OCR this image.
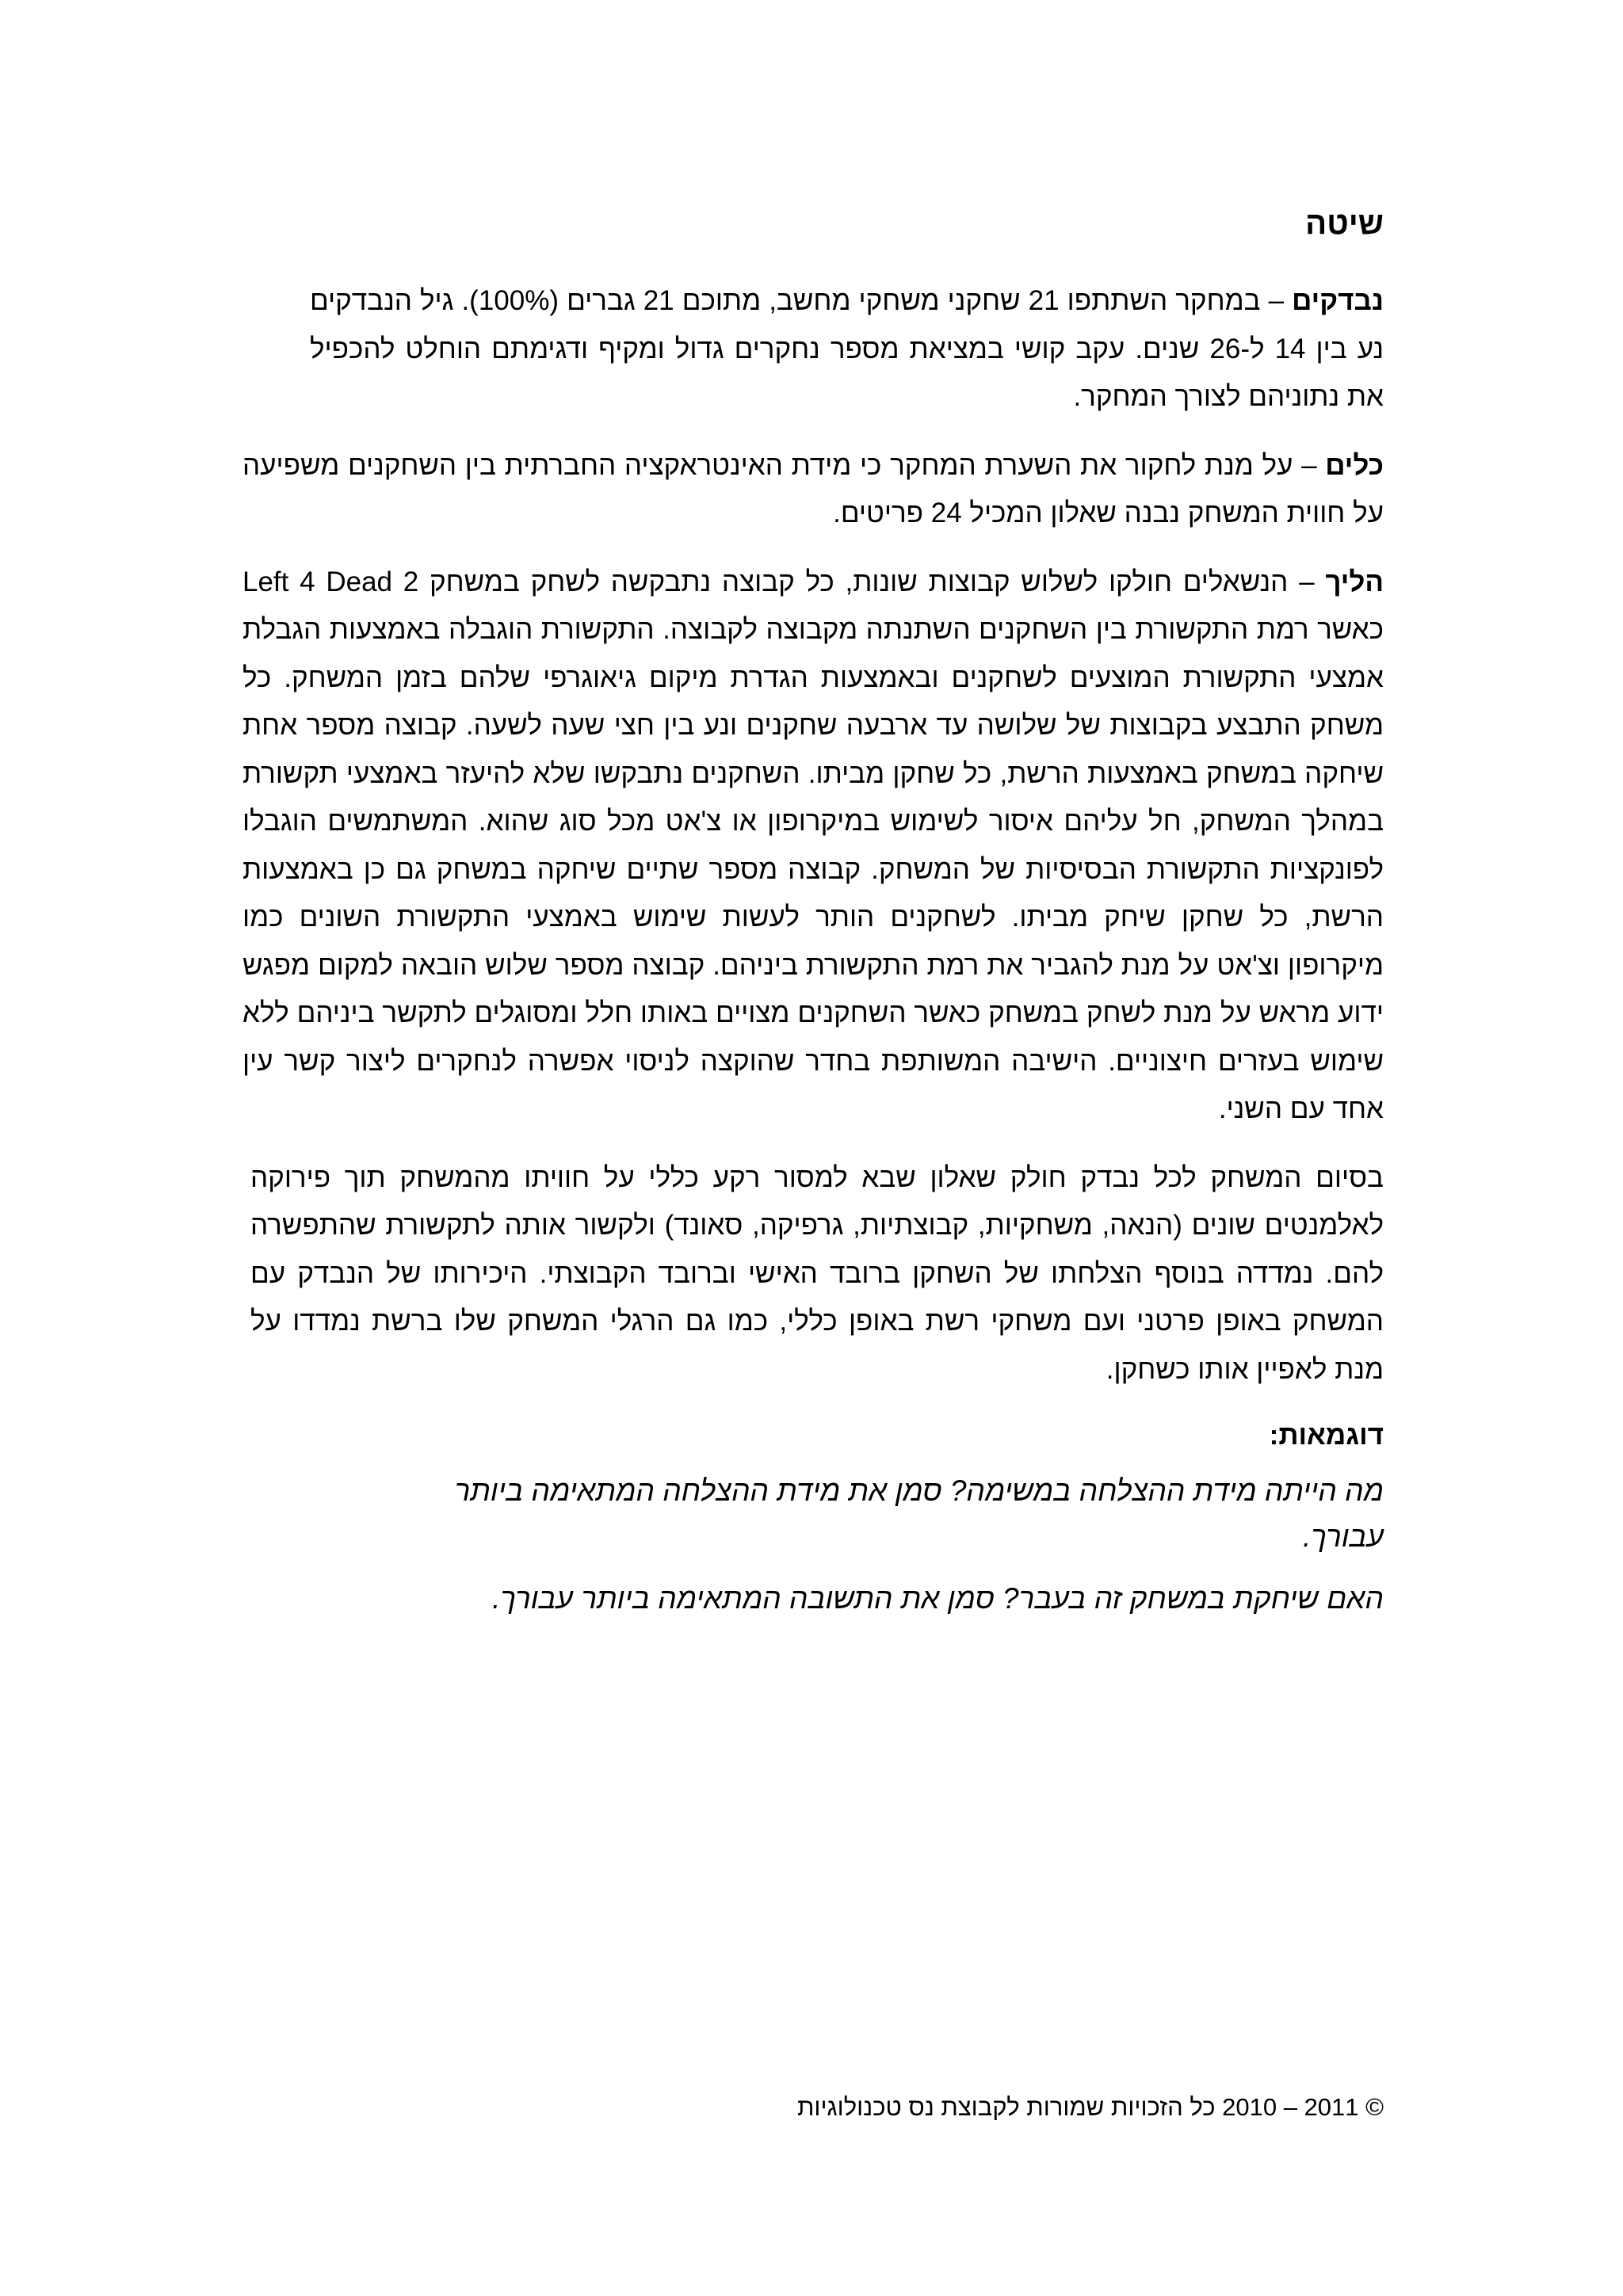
שיטה

נבדקים – במחקר השתתפו 21 שחקני משחקי מחשב, מתוכם 21 גברים (100%). גיל הנבדקים נע בין 14 ל-26 שנים. עקב קושי במציאת מספר נחקרים גדול ומקיף ודגימתם הוחלט להכפיל את נתוניהם לצורך המחקר.

כלים – על מנת לחקור את השערת המחקר כי מידת האינטראקציה החברתית בין השחקנים משפיעה על חווית המשחק נבנה שאלון המכיל 24 פריטים.

הליך – הנשאלים חולקו לשלוש קבוצות שונות, כל קבוצה נתבקשה לשחק במשחק Left 4 Dead 2 כאשר רמת התקשורת בין השחקנים השתנתה מקבוצה לקבוצה. התקשורת הוגבלה באמצעות הגבלת אמצעי התקשורת המוצעים לשחקנים ובאמצעות הגדרת מיקום גיאוגרפי שלהם בזמן המשחק. כל משחק התבצע בקבוצות של שלושה עד ארבעה שחקנים ונע בין חצי שעה לשעה. קבוצה מספר אחת שיחקה במשחק באמצעות הרשת, כל שחקן מביתו. השחקנים נתבקשו שלא להיעזר באמצעי תקשורת במהלך המשחק, חל עליהם איסור לשימוש במיקרופון או צ'אט מכל סוג שהוא. המשתמשים הוגבלו לפונקציות התקשורת הבסיסיות של המשחק. קבוצה מספר שתיים שיחקה במשחק גם כן באמצעות הרשת, כל שחקן שיחק מביתו. לשחקנים הותר לעשות שימוש באמצעי התקשורת השונים כמו מיקרופון וצ'אט על מנת להגביר את רמת התקשורת ביניהם. קבוצה מספר שלוש הובאה למקום מפגש ידוע מראש על מנת לשחק במשחק כאשר השחקנים מצויים באותו חלל ומסוגלים לתקשר ביניהם ללא שימוש בעזרים חיצוניים. הישיבה המשותפת בחדר שהוקצה לניסוי אפשרה לנחקרים ליצור קשר עין אחד עם השני.

בסיום המשחק לכל נבדק חולק שאלון שבא למסור רקע כללי על חוויתו מהמשחק תוך פירוקה לאלמנטים שונים (הנאה, משחקיות, קבוצתיות, גרפיקה, סאונד) ולקשור אותה לתקשורת שהתפשרה להם. נמדדה בנוסף הצלחתו של השחקן ברובד האישי וברובד הקבוצתי. היכירותו של הנבדק עם המשחק באופן פרטני ועם משחקי רשת באופן כללי, כמו גם הרגלי המשחק שלו ברשת נמדדו על מנת לאפיין אותו כשחקן.

דוגמאות:

מה הייתה מידת ההצלחה במשימה? סמן את מידת ההצלחה המתאימה ביותר עבורך.

האם שיחקת במשחק זה בעבר? סמן את התשובה המתאימה ביותר עבורך.

© 2011 – 2010 כל הזכויות שמורות לקבוצת נס טכנולוגיות
